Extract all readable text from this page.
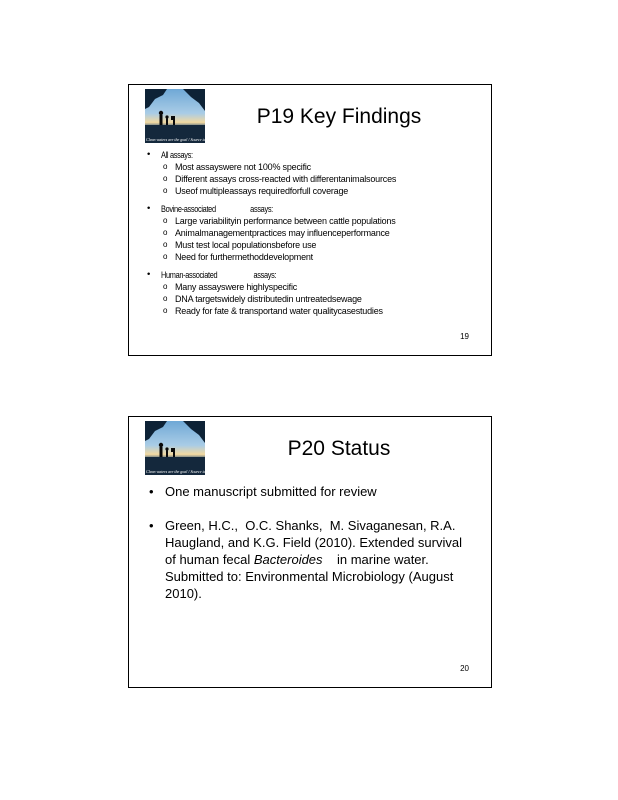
Clean waters are the goal / Source identification is there
P19 Key Findings
•	All assays:
o Most assayswere not 100% specific
o Different assays cross-reacted with differentanimalsources
o Useof multipleassays requiredforfull coverage
•	Bovine-associated                    assays:
o Large variabilityin performance between cattle populations
o Animalmanagementpractices may influenceperformance
o Must test local populationsbefore use
o Need for furthermethoddevelopment
•	Human-associated                     assays:
o Many assayswere highlyspecific
o DNA targetswidely distributedin untreatedsewage
o Ready for fate & transportand water qualitycasestudies
19
Clean waters are the goal / Source identification is there
P20 Status
• One manuscript submitted for review
• Green, H.C.,  O.C. Shanks,  M. Sivaganesan, R.A. Haugland, and K.G. Field (2010). Extended survival of human fecal Bacteroides    in marine water. Submitted to: Environmental Microbiology (August 2010).
20
